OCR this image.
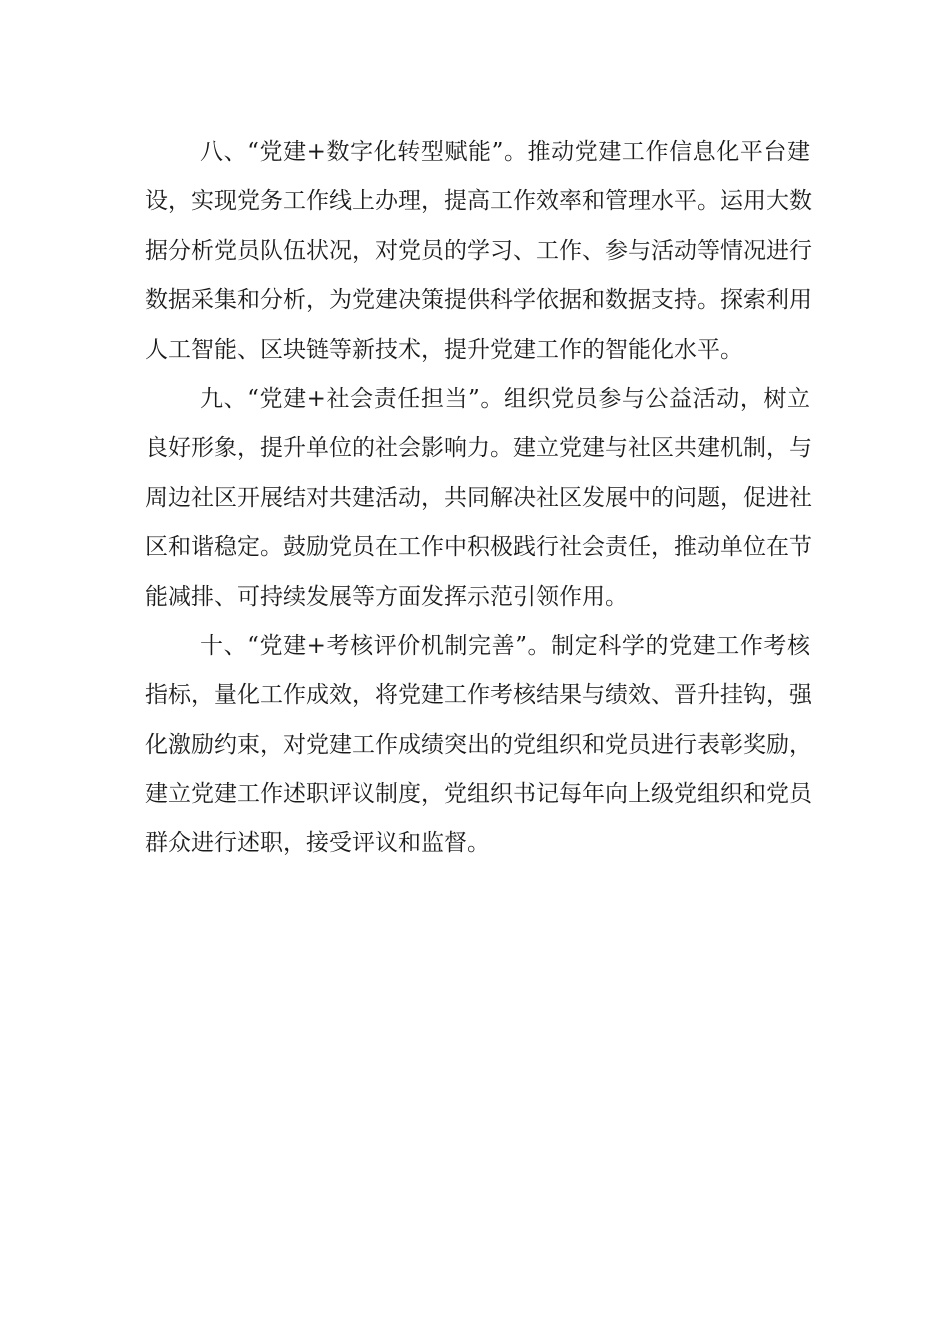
八、“党建+数字化转型赋能”。推动党建工作信息化平台建
设，实现党务工作线上办理，提高工作效率和管理水平。运用大数
据分析党员队伍状况，对党员的学习、工作、参与活动等情况进行
数据采集和分析，为党建决策提供科学依据和数据支持。探索利用
人工智能、区块链等新技术，提升党建工作的智能化水平。
九、“党建+社会责任担当”。组织党员参与公益活动，树立
良好形象，提升单位的社会影响力。建立党建与社区共建机制，与
周边社区开展结对共建活动，共同解决社区发展中的问题，促进社
区和谐稳定。鼓励党员在工作中积极践行社会责任，推动单位在节
能减排、可持续发展等方面发挥示范引领作用。
十、“党建+考核评价机制完善”。制定科学的党建工作考核
指标，量化工作成效，将党建工作考核结果与绩效、晋升挂钩，强
化激励约束，对党建工作成绩突出的党组织和党员进行表彰奖励，
建立党建工作述职评议制度，党组织书记每年向上级党组织和党员
群众进行述职，接受评议和监督。
